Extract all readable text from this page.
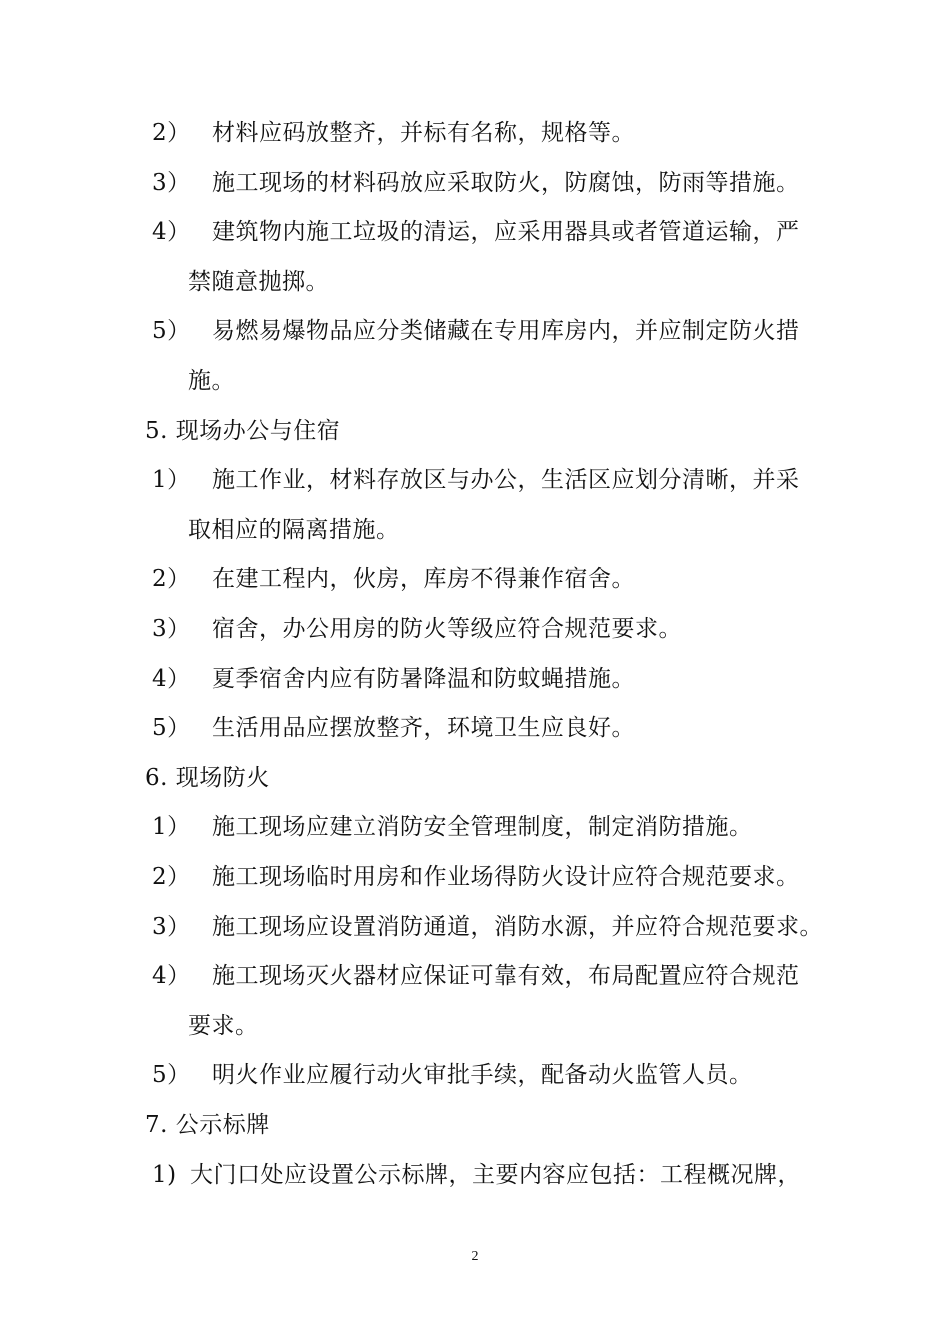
2） 材料应码放整齐，并标有名称，规格等。
3） 施工现场的材料码放应采取防火，防腐蚀，防雨等措施。
4） 建筑物内施工垃圾的清运，应采用器具或者管道运输，严
禁随意抛掷。
5） 易燃易爆物品应分类储藏在专用库房内，并应制定防火措
施。
5. 现场办公与住宿
1） 施工作业，材料存放区与办公，生活区应划分清晰，并采
取相应的隔离措施。
2） 在建工程内，伙房，库房不得兼作宿舍。
3） 宿舍，办公用房的防火等级应符合规范要求。
4） 夏季宿舍内应有防暑降温和防蚊蝇措施。
5） 生活用品应摆放整齐，环境卫生应良好。
6. 现场防火
1） 施工现场应建立消防安全管理制度，制定消防措施。
2） 施工现场临时用房和作业场得防火设计应符合规范要求。
3） 施工现场应设置消防通道，消防水源，并应符合规范要求。
4） 施工现场灭火器材应保证可靠有效，布局配置应符合规范
要求。
5） 明火作业应履行动火审批手续，配备动火监管人员。
7. 公示标牌
1) 大门口处应设置公示标牌，主要内容应包括：工程概况牌，
2
